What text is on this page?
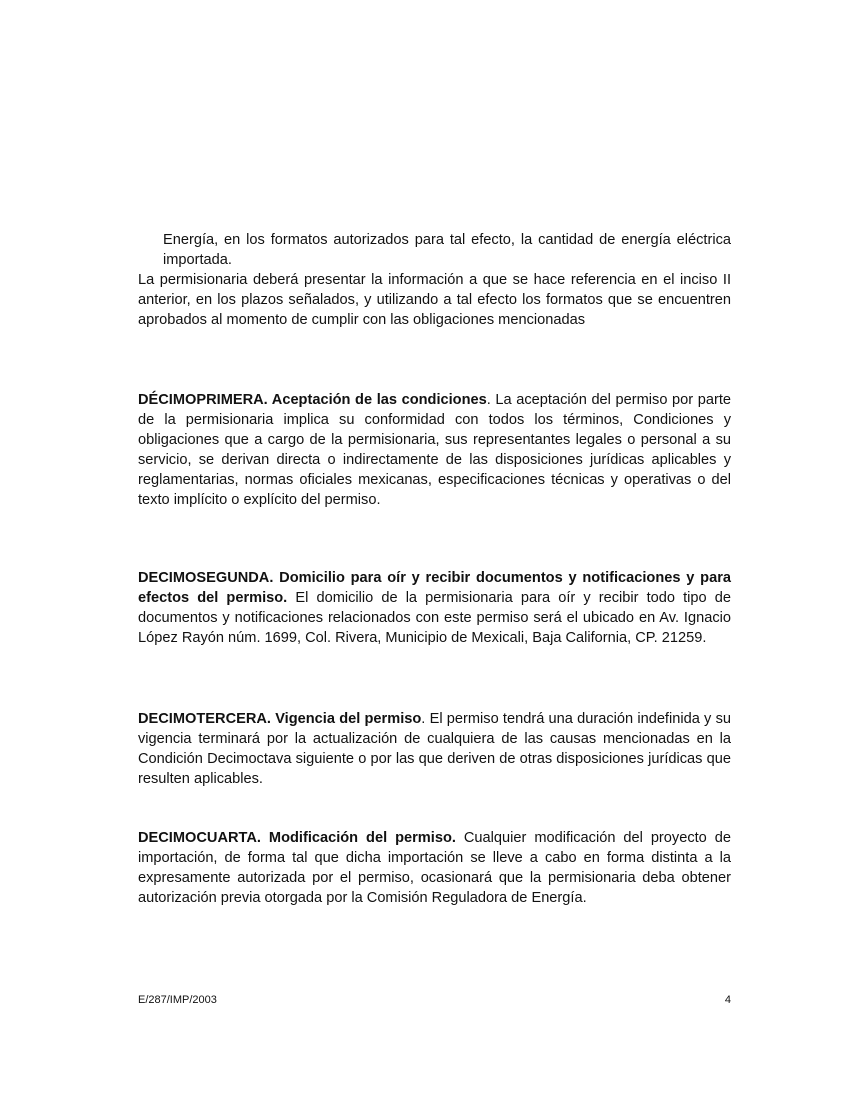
Energía, en los formatos autorizados para tal efecto, la cantidad de energía eléctrica importada.

La permisionaria deberá presentar la información a que se hace referencia en el inciso II anterior, en los plazos señalados, y utilizando a tal efecto los formatos que se encuentren aprobados al momento de cumplir con las obligaciones mencionadas

DÉCIMOPRIMERA. Aceptación de las condiciones. La aceptación del permiso por parte de la permisionaria implica su conformidad con todos los términos, Condiciones y obligaciones que a cargo de la permisionaria, sus representantes legales o personal a su servicio, se derivan directa o indirectamente de las disposiciones jurídicas aplicables y reglamentarias, normas oficiales mexicanas, especificaciones técnicas y operativas o del texto implícito o explícito del permiso.

DECIMOSEGUNDA. Domicilio para oír y recibir documentos y notificaciones y para efectos del permiso. El domicilio de la permisionaria para oír y recibir todo tipo de documentos y notificaciones relacionados con este permiso será el ubicado en Av. Ignacio López Rayón núm. 1699, Col. Rivera, Municipio de Mexicali, Baja California, CP. 21259.

DECIMOTERCERA. Vigencia del permiso. El permiso tendrá una duración indefinida y su vigencia terminará por la actualización de cualquiera de las causas mencionadas en la Condición Decimoctava siguiente o por las que deriven de otras disposiciones jurídicas que resulten aplicables.

DECIMOCUARTA. Modificación del permiso. Cualquier modificación del proyecto de importación, de forma tal que dicha importación se lleve a cabo en forma distinta a la expresamente autorizada por el permiso, ocasionará que la permisionaria deba obtener autorización previa otorgada por la Comisión Reguladora de Energía.

E/287/IMP/2003	4
